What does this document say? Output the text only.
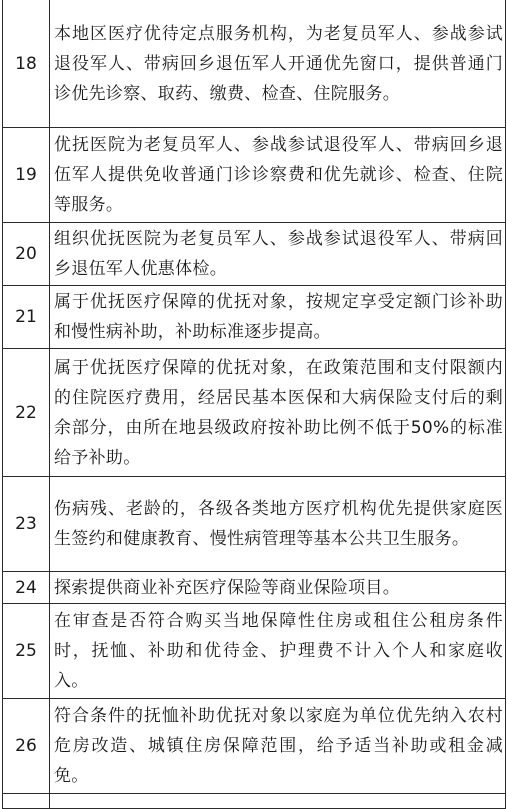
18	本地区医疗优待定点服务机构，为老复员军人、参战参试退役军人、带病回乡退伍军人开通优先窗口，提供普通门诊优先诊察、取药、缴费、检查、住院服务。
19	优抚医院为老复员军人、参战参试退役军人、带病回乡退伍军人提供免收普通门诊诊察费和优先就诊、检查、住院等服务。
20	组织优抚医院为老复员军人、参战参试退役军人、带病回乡退伍军人优惠体检。
21	属于优抚医疗保障的优抚对象，按规定享受定额门诊补助和慢性病补助，补助标准逐步提高。
22	属于优抚医疗保障的优抚对象，在政策范围和支付限额内的住院医疗费用，经居民基本医保和大病保险支付后的剩余部分，由所在地县级政府按补助比例不低于50%的标准给予补助。
23	伤病残、老龄的，各级各类地方医疗机构优先提供家庭医生签约和健康教育、慢性病管理等基本公共卫生服务。
24	探索提供商业补充医疗保险等商业保险项目。
25	在审查是否符合购买当地保障性住房或租住公租房条件时，抚恤、补助和优待金、护理费不计入个人和家庭收入。
26	符合条件的抚恤补助优抚对象以家庭为单位优先纳入农村危房改造、城镇住房保障范围，给予适当补助或租金减免。
